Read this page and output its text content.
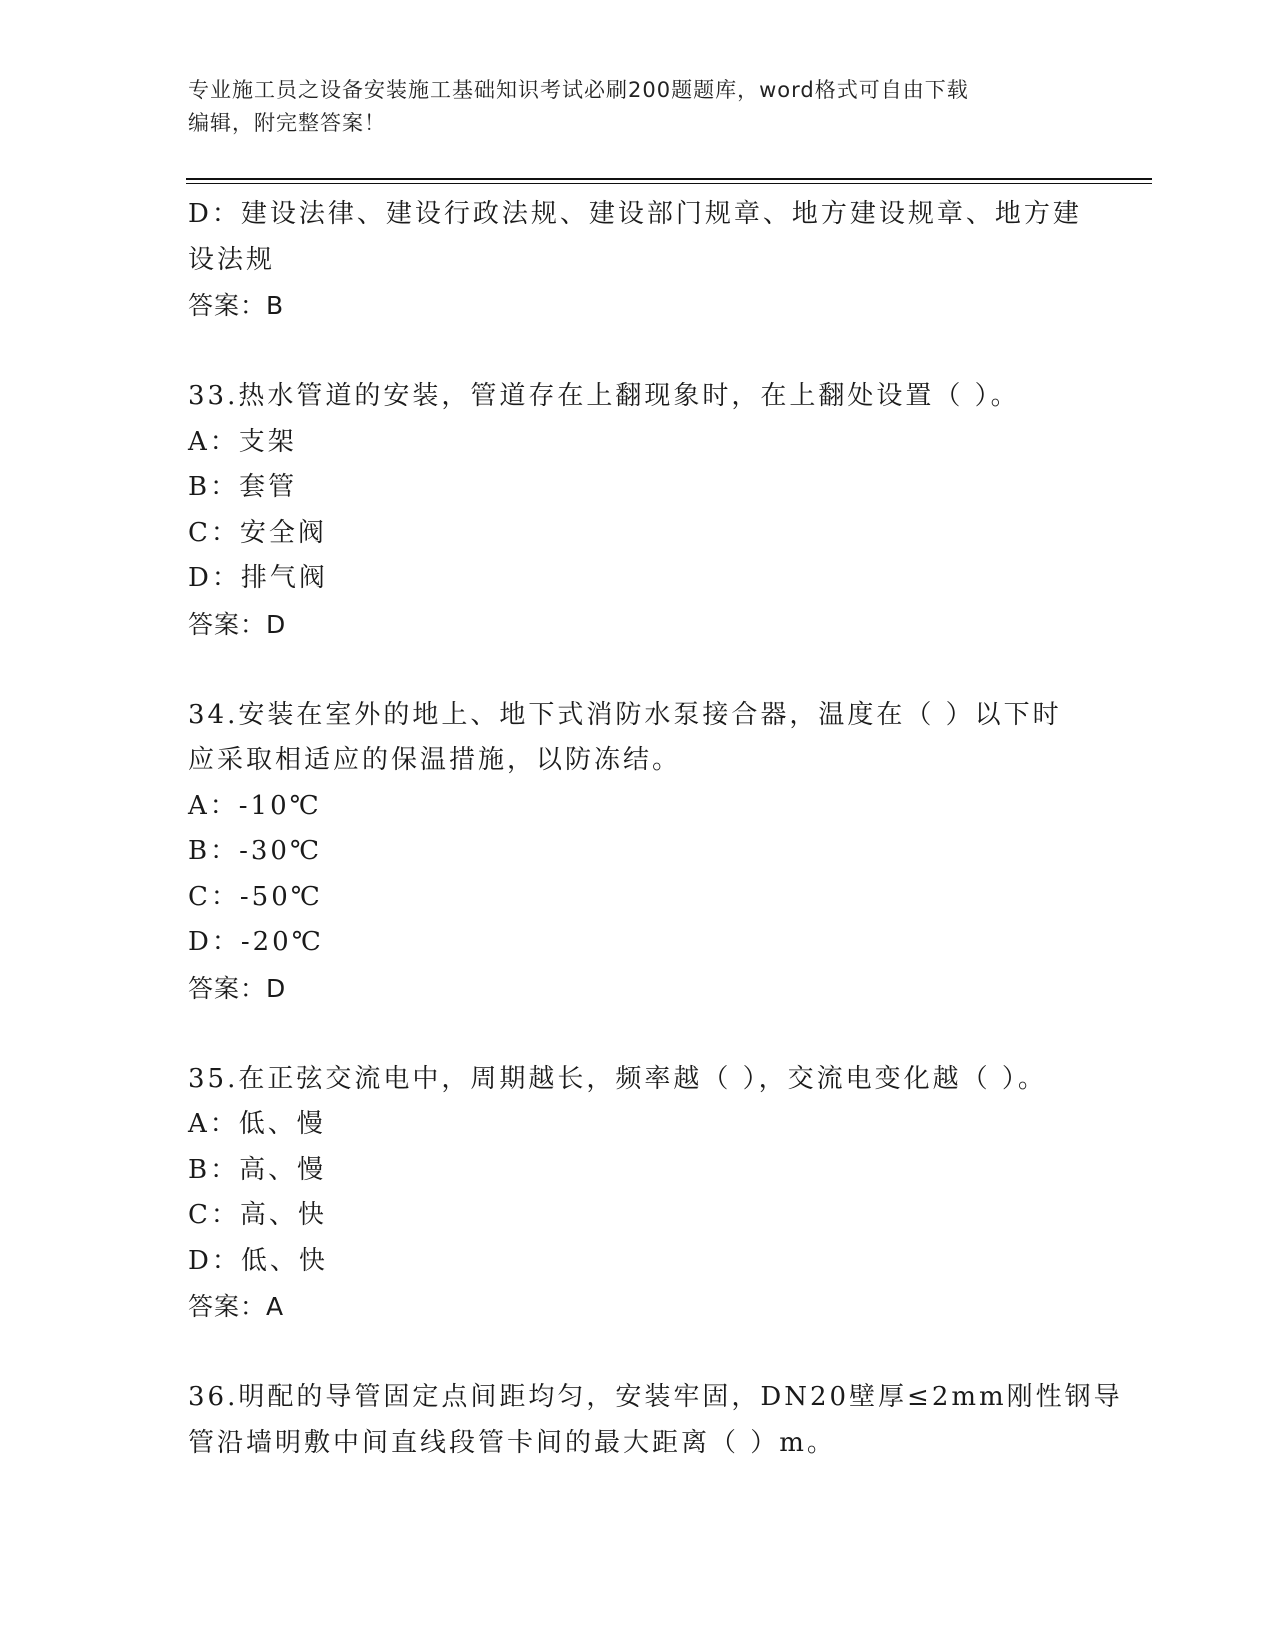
专业施工员之设备安装施工基础知识考试必刷200题题库，word格式可自由下载
编辑，附完整答案！
D：建设法律、建设行政法规、建设部门规章、地方建设规章、地方建
设法规
答案：B
33.热水管道的安装，管道存在上翻现象时，在上翻处设置（ ）。
A：支架
B：套管
C：安全阀
D：排气阀
答案：D
34.安装在室外的地上、地下式消防水泵接合器，温度在（ ）以下时
应采取相适应的保温措施，以防冻结。
A：-10℃
B：-30℃
C：-50℃
D：-20℃
答案：D
35.在正弦交流电中，周期越长，频率越（ ），交流电变化越（ ）。
A：低、慢
B：高、慢
C：高、快
D：低、快
答案：A
36.明配的导管固定点间距均匀，安装牢固，DN20壁厚≤2mm刚性钢导
管沿墙明敷中间直线段管卡间的最大距离（ ）m。
